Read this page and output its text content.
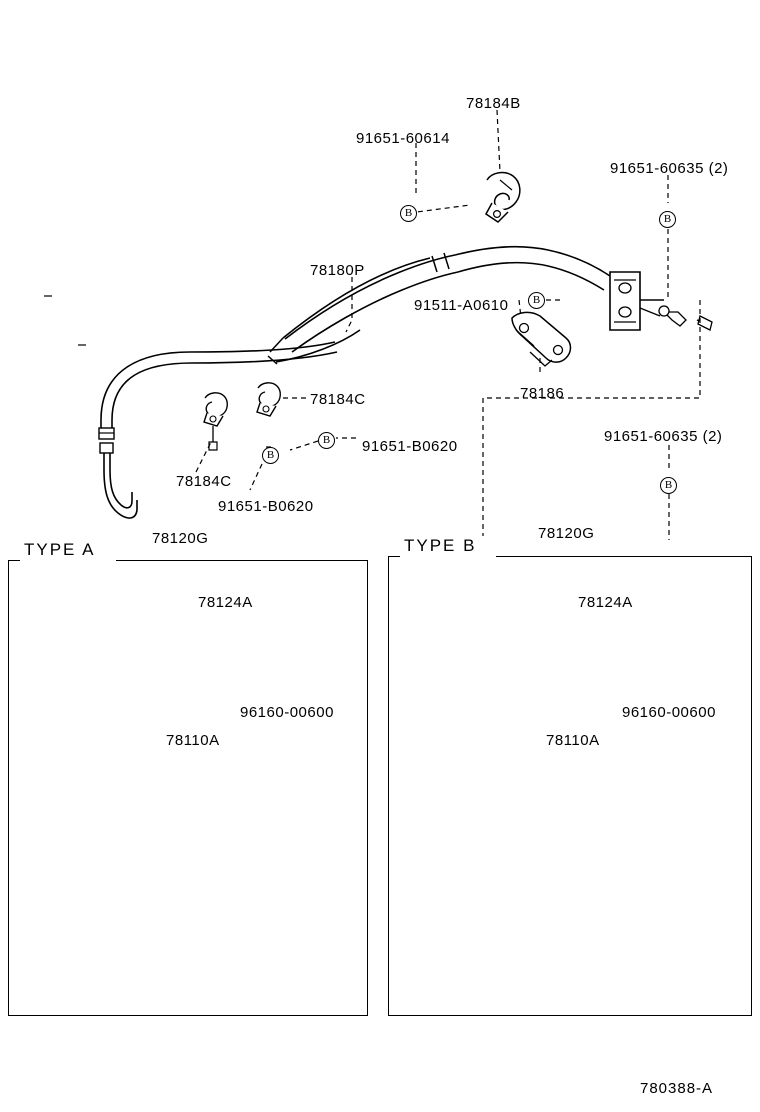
TYPE A	TYPE B
78184B
91651-60614
91651-60635 (2)
78180P
91511-A0610
78186
78184C
91651-B0620
91651-60635 (2)
78184C
91651-B0620
78120G	78120G
78124A
96160-00600
78110A
78124A
96160-00600
78110A
B	B
B
B
B
B
780388-A
